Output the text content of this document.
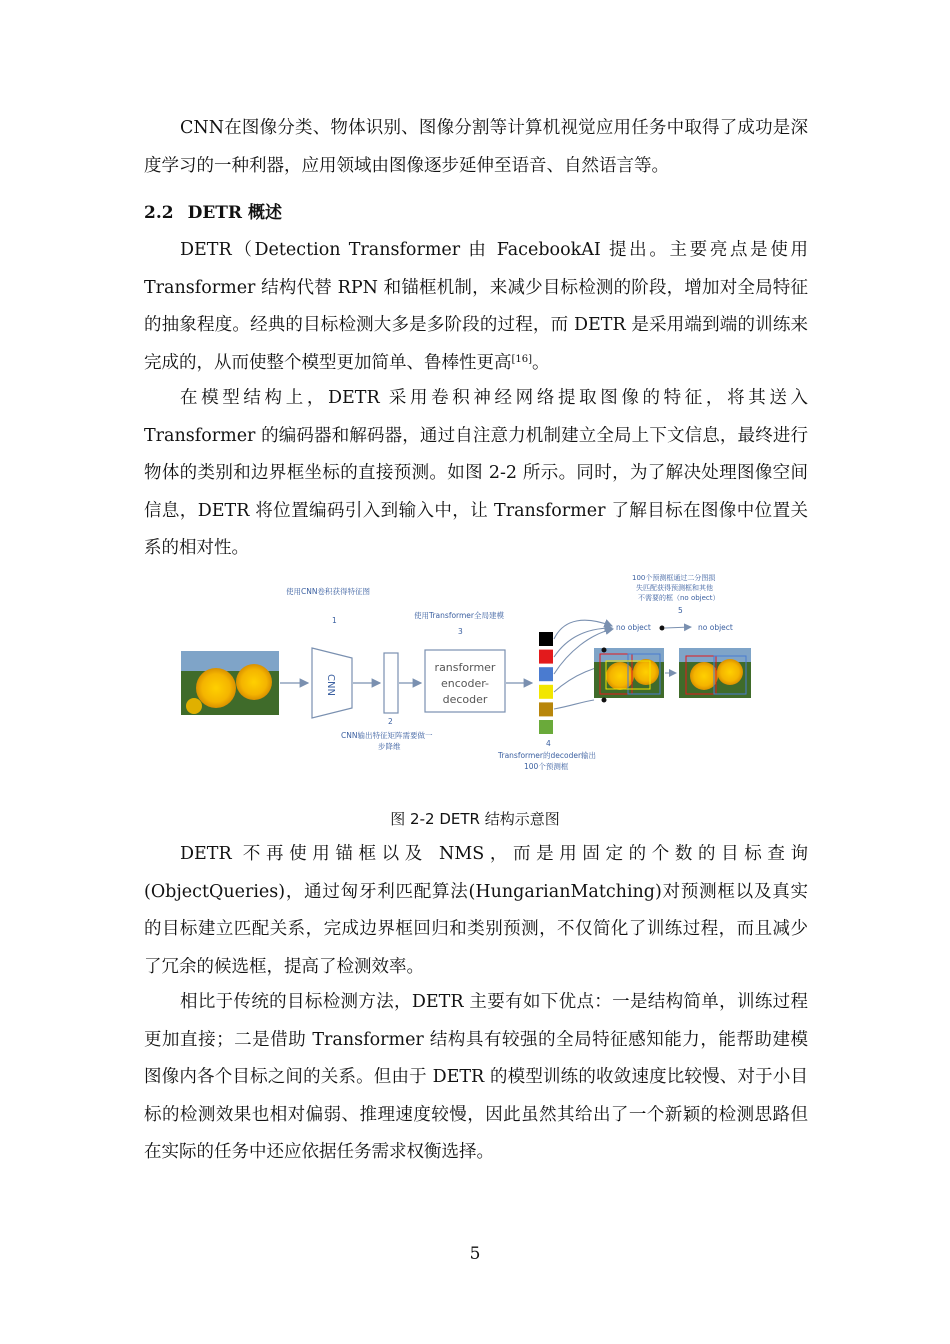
CNN在图像分类、物体识别、图像分割等计算机视觉应用任务中取得了成功是深度学习的一种利器，应用领域由图像逐步延伸至语音、自然语言等。

2.2 DETR 概述

DETR（Detection Transformer 由 FacebookAI 提出。主要亮点是使用 Transformer 结构代替 RPN 和锚框机制，来减少目标检测的阶段，增加对全局特征的抽象程度。经典的目标检测大多是多阶段的过程，而 DETR 是采用端到端的训练来完成的，从而使整个模型更加简单、鲁棒性更高[16]。

在模型结构上，DETR 采用卷积神经网络提取图像的特征，将其送入 Transformer 的编码器和解码器，通过自注意力机制建立全局上下文信息，最终进行物体的类别和边界框坐标的直接预测。如图 2-2 所示。同时，为了解决处理图像空间信息，DETR 将位置编码引入到输入中，让 Transformer 了解目标在图像中位置关系的相对性。

使用CNN卷积获得特征图
1
CNN
2
CNN输出特征矩阵需要做一
步降维
使用Transformer全局建模
3
ransformer
encoder-
decoder
4
Transformer的decoder输出
100个预测框
100个预测框通过二分图损
失匹配获得预测框和其他
不需要的框（no object）
5
no object	no object
图 2-2 DETR 结构示意图

DETR 不再使用锚框以及 NMS，而是用固定的个数的目标查询(ObjectQueries)，通过匈牙利匹配算法(HungarianMatching)对预测框以及真实的目标建立匹配关系，完成边界框回归和类别预测，不仅简化了训练过程，而且减少了冗余的候选框，提高了检测效率。

相比于传统的目标检测方法，DETR 主要有如下优点：一是结构简单，训练过程更加直接；二是借助 Transformer 结构具有较强的全局特征感知能力，能帮助建模图像内各个目标之间的关系。但由于 DETR 的模型训练的收敛速度比较慢、对于小目标的检测效果也相对偏弱、推理速度较慢，因此虽然其给出了一个新颖的检测思路但在实际的任务中还应依据任务需求权衡选择。

5
